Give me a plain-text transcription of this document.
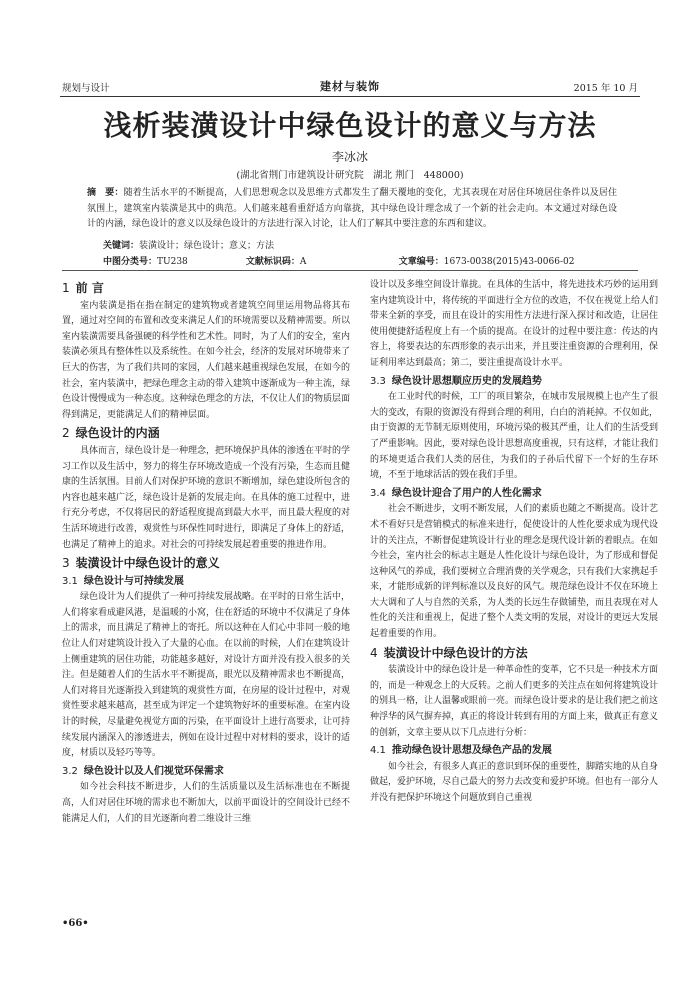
规划与设计	建材与装饰	2015 年 10 月
浅析装潢设计中绿色设计的意义与方法
李冰冰
(湖北省荆门市建筑设计研究院　湖北 荆门　448000)
摘　要：随着生活水平的不断提高，人们思想观念以及思维方式都发生了翻天覆地的变化，尤其表现在对居住环境居住条件以及居住氛围上，建筑室内装潢是其中的典范。人们越来越看重舒适方向靠拢，其中绿色设计理念成了一个新的社会走向。本文通过对绿色设计的内涵，绿色设计的意义以及绿色设计的方法进行深入讨论，让人们了解其中要注意的东西和建议。
关键词：装潢设计；绿色设计；意义；方法
中图分类号：TU238	文献标识码：A	文章编号：1673-0038(2015)43-0066-02
1 前 言

室内装潢是指在指在制定的建筑物或者建筑空间里运用物品将其布置，通过对空间的布置和改变来满足人们的环境需要以及精神需要。所以室内装潢需要具备强硬的科学性和艺术性。同时，为了人们的安全，室内装潢必须具有整体性以及系统性。在如今社会，经济的发展对环境带来了巨大的伤害，为了我们共同的家园，人们越来越重视绿色发展，在如今的社会，室内装潢中，把绿色理念主动的带入建筑中逐渐成为一种主流，绿色设计慢慢成为一种态度。这种绿色理念的方法，不仅让人们的物质层面得到满足，更能满足人们的精神层面。

2 绿色设计的内涵

具体而言，绿色设计是一种理念，把环境保护具体的渗透在平时的学习工作以及生活中，努力的将生存环境改造成一个没有污染，生态而且健康的生活氛围。目前人们对保护环境的意识不断增加，绿色建设所包含的内容也越来越广泛，绿色设计是新的发展走向。在具体的施工过程中，进行充分考虑，不仅将居民的舒适程度提高到最大水平，而且最大程度的对生活环境进行改善，观赏性与环保性同时进行，即满足了身体上的舒适，也满足了精神上的追求。对社会的可持续发展起着重要的推进作用。

3 装潢设计中绿色设计的意义
3.1 绿色设计与可持续发展

绿色设计为人们提供了一种可持续发展战略。在平时的日常生活中，人们将家看成避风港，是温暖的小窝，住在舒适的环境中不仅满足了身体上的需求，而且满足了精神上的寄托。所以这种在人们心中非同一般的地位让人们对建筑设计投入了大量的心血。在以前的时候，人们在建筑设计上侧重建筑的居住功能，功能越多越好，对设计方面并没有投入很多的关注。但是随着人们的生活水平不断提高，眼光以及精神需求也不断提高，人们对将目光逐渐投入到建筑的观赏性方面，在房屋的设计过程中，对观赏性要求越来越高，甚至成为评定一个建筑物好坏的重要标准。在室内设计的时候，尽量避免视觉方面的污染，在平面设计上进行高要求，让可持续发展内涵深入的渗透进去，例如在设计过程中对材料的要求，设计的适度，材质以及轻巧等等。

3.2 绿色设计以及人们视觉环保需求

如今社会科技不断进步，人们的生活质量以及生活标准也在不断提高，人们对居住环境的需求也不断加大，以前平面设计的空间设计已经不能满足人们，人们的目光逐渐向着二维设计三维

设计以及多维空间设计靠拢。在具体的生活中，将先进技术巧妙的运用到室内建筑设计中，将传统的平面进行全方位的改造，不仅在视觉上给人们带来全新的享受，而且在设计的实用性方法进行深入探讨和改造，让居住使用便捷舒适程度上有一个质的提高。在设计的过程中要注意：传达的内容上，将要表达的东西形象的表示出来，并且要注重资源的合理利用，保证利用率达到最高；第二，要注重提高设计水平。

3.3 绿色设计思想顺应历史的发展趋势

在工业时代的时候，工厂的项目繁杂，在城市发展规模上也产生了很大的变改，有限的资源没有得到合理的利用，白白的消耗掉。不仅如此，由于资源的无节制无原则使用，环境污染的极其严重，让人们的生活受到了严重影响。因此，要对绿色设计思想高度重视，只有这样，才能让我们的环境更适合我们人类的居住，为我们的子孙后代留下一个好的生存环境，不至于地球活活的毁在我们手里。

3.4 绿色设计迎合了用户的人性化需求

社会不断进步，文明不断发展，人们的素质也随之不断提高。设计艺术不看好只是营销模式的标准来进行，促使设计的人性化要求成为现代设计的关注点，不断督促建筑设计行业的理念是现代设计新的着眼点。在如今社会，室内社会的标志主题是人性化设计与绿色设计，为了形成和督促这种风气的养成，我们要树立合理消费的关学观念，只有我们大家携起手来，才能形成新的评判标准以及良好的风气。规范绿色设计不仅在环境上大大调和了人与自然的关系，为人类的长远生存做铺垫，而且表现在对人性化的关注和重视上，促进了整个人类文明的发展，对设计的更远大发展起着重要的作用。

4 装潢设计中绿色设计的方法

装潢设计中的绿色设计是一种革命性的变革，它不只是一种技术方面的，而是一种观念上的大反转。之前人们更多的关注点在如何将建筑设计的别具一格，让人温馨或眼前一亮。而绿色设计要求的是让我们把之前这种浮华的风气摒弃掉，真正的将设计转到有用的方面上来，做真正有意义的创新，文章主要从以下几点进行分析：

4.1 推动绿色设计思想及绿色产品的发展

如今社会，有很多人真正的意识到环保的重要性，脚踏实地的从自身做起，爱护环境，尽自己最大的努力去改变和爱护环境。但也有一部分人并没有把保护环境这个问题放到自己重视

•66•
